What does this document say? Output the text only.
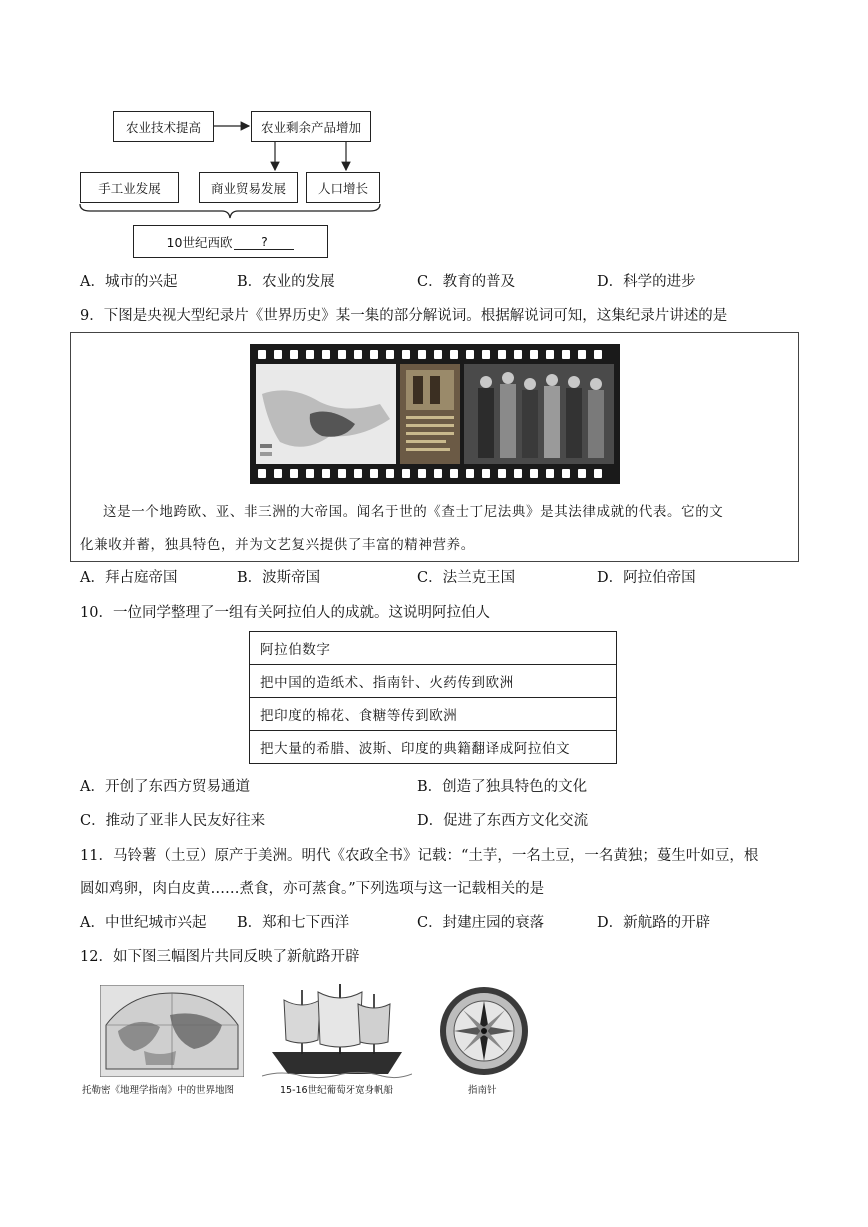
农业技术提高	农业剩余产品增加
手工业发展	商业贸易发展	人口增长
10世纪西欧	?
A．城市的兴起	B．农业的发展	C．教育的普及	D．科学的进步
9．下图是央视大型纪录片《世界历史》某一集的部分解说词。根据解说词可知，这集纪录片讲述的是
这是一个地跨欧、亚、非三洲的大帝国。闻名于世的《查士丁尼法典》是其法律成就的代表。它的文
化兼收并蓄，独具特色，并为文艺复兴提供了丰富的精神营养。
A．拜占庭帝国	B．波斯帝国	C．法兰克王国	D．阿拉伯帝国
10．一位同学整理了一组有关阿拉伯人的成就。这说明阿拉伯人
阿拉伯数字
把中国的造纸术、指南针、火药传到欧洲
把印度的棉花、食糖等传到欧洲
把大量的希腊、波斯、印度的典籍翻译成阿拉伯文
A．开创了东西方贸易通道	B．创造了独具特色的文化
C．推动了亚非人民友好往来	D．促进了东西方文化交流
11．马铃薯（土豆）原产于美洲。明代《农政全书》记载：“土芋，一名土豆，一名黄独；蔓生叶如豆，根
圆如鸡卵，肉白皮黄……煮食，亦可蒸食。”下列选项与这一记载相关的是
A．中世纪城市兴起 B．郑和七下西洋	C．封建庄园的衰落	D．新航路的开辟
12．如下图三幅图片共同反映了新航路开辟
托勒密《地理学指南》中的世界地图	15-16世纪葡萄牙宽身帆船	指南针
